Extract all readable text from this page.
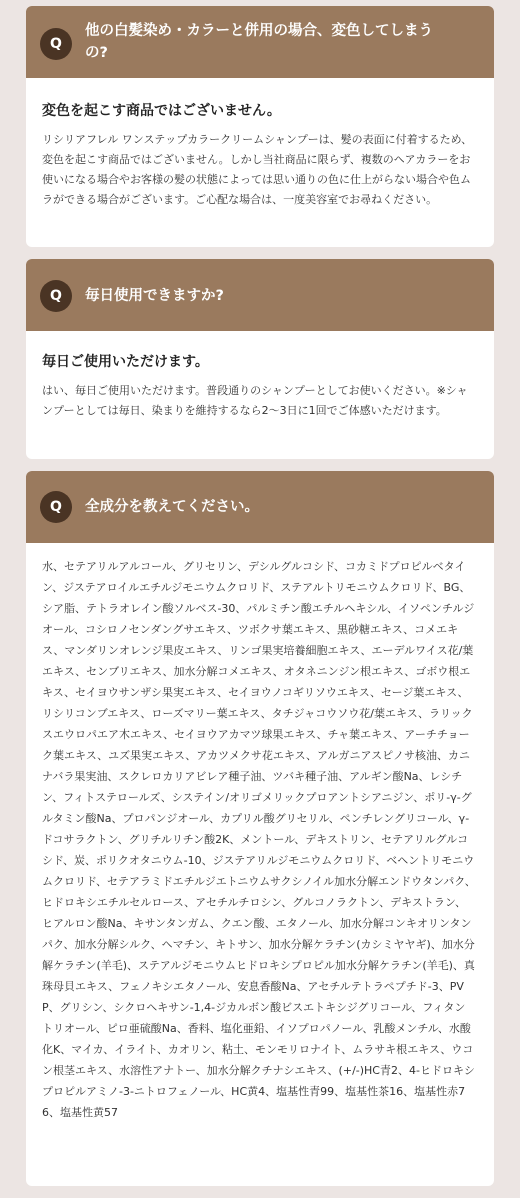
Q
他の白髪染め・カラーと併用の場合、変色してしまうの?
変色を起こす商品ではございません。

リシリアフレル ワンステップカラークリームシャンプーは、髪の表面に付着するため、変色を起こす商品ではございません。しかし当社商品に限らず、複数のヘアカラーをお使いになる場合やお客様の髪の状態によっては思い通りの色に仕上がらない場合や色ムラができる場合がございます。ご心配な場合は、一度美容室でお尋ねください。

Q	毎日使用できますか?
毎日ご使用いただけます。

はい、毎日ご使用いただけます。普段通りのシャンプーとしてお使いください。※シャンプーとしては毎日、染まりを維持するなら2〜3日に1回でご体感いただけます。

Q	全成分を教えてください。

水、セテアリルアルコール、グリセリン、デシルグルコシド、コカミドプロピルベタイン、ジステアロイルエチルジモニウムクロリド、ステアルトリモニウムクロリド、BG、シア脂、テトラオレイン酸ソルベス-30、パルミチン酸エチルヘキシル、イソペンチルジオール、コシロノセンダングサエキス、ツボクサ葉エキス、黒砂糖エキス、コメエキス、マンダリンオレンジ果皮エキス、リンゴ果実培養細胞エキス、エーデルワイス花/葉エキス、センブリエキス、加水分解コメエキス、オタネニンジン根エキス、ゴボウ根エキス、セイヨウサンザシ果実エキス、セイヨウノコギリソウエキス、セージ葉エキス、リシリコンブエキス、ローズマリー葉エキス、タチジャコウソウ花/葉エキス、ラリックスエウロパエア木エキス、セイヨウアカマツ球果エキス、チャ葉エキス、アーチチョーク葉エキス、ユズ果実エキス、アカツメクサ花エキス、アルガニアスピノサ核油、カニナバラ果実油、スクレロカリアビレア種子油、ツバキ種子油、アルギン酸Na、レシチン、フィトステロールズ、システイン/オリゴメリックプロアントシアニジン、ポリ-γ-グルタミン酸Na、プロパンジオール、カプリル酸グリセリル、ペンチレングリコール、γ-ドコサラクトン、グリチルリチン酸2K、メントール、デキストリン、セテアリルグルコシド、炭、ポリクオタニウム-10、ジステアリルジモニウムクロリド、ベヘントリモニウムクロリド、セテアラミドエチルジエトニウムサクシノイル加水分解エンドウタンパク、ヒドロキシエチルセルロース、アセチルチロシン、グルコノラクトン、デキストラン、ヒアルロン酸Na、キサンタンガム、クエン酸、エタノール、加水分解コンキオリンタンパク、加水分解シルク、ヘマチン、キトサン、加水分解ケラチン(カシミヤヤギ)、加水分解ケラチン(羊毛)、ステアルジモニウムヒドロキシプロピル加水分解ケラチン(羊毛)、真珠母貝エキス、フェノキシエタノール、安息香酸Na、アセチルテトラペプチド-3、PVP、グリシン、シクロヘキサン-1,4-ジカルボン酸ビスエトキシジグリコール、フィタントリオール、ピロ亜硫酸Na、香料、塩化亜鉛、イソプロパノール、乳酸メンチル、水酸化K、マイカ、イライト、カオリン、粘土、モンモリロナイト、ムラサキ根エキス、ウコン根茎エキス、水溶性アナトー、加水分解クチナシエキス、(+/-)HC青2、4-ヒドロキシプロピルアミノ-3-ニトロフェノール、HC黄4、塩基性青99、塩基性茶16、塩基性赤76、塩基性黄57
